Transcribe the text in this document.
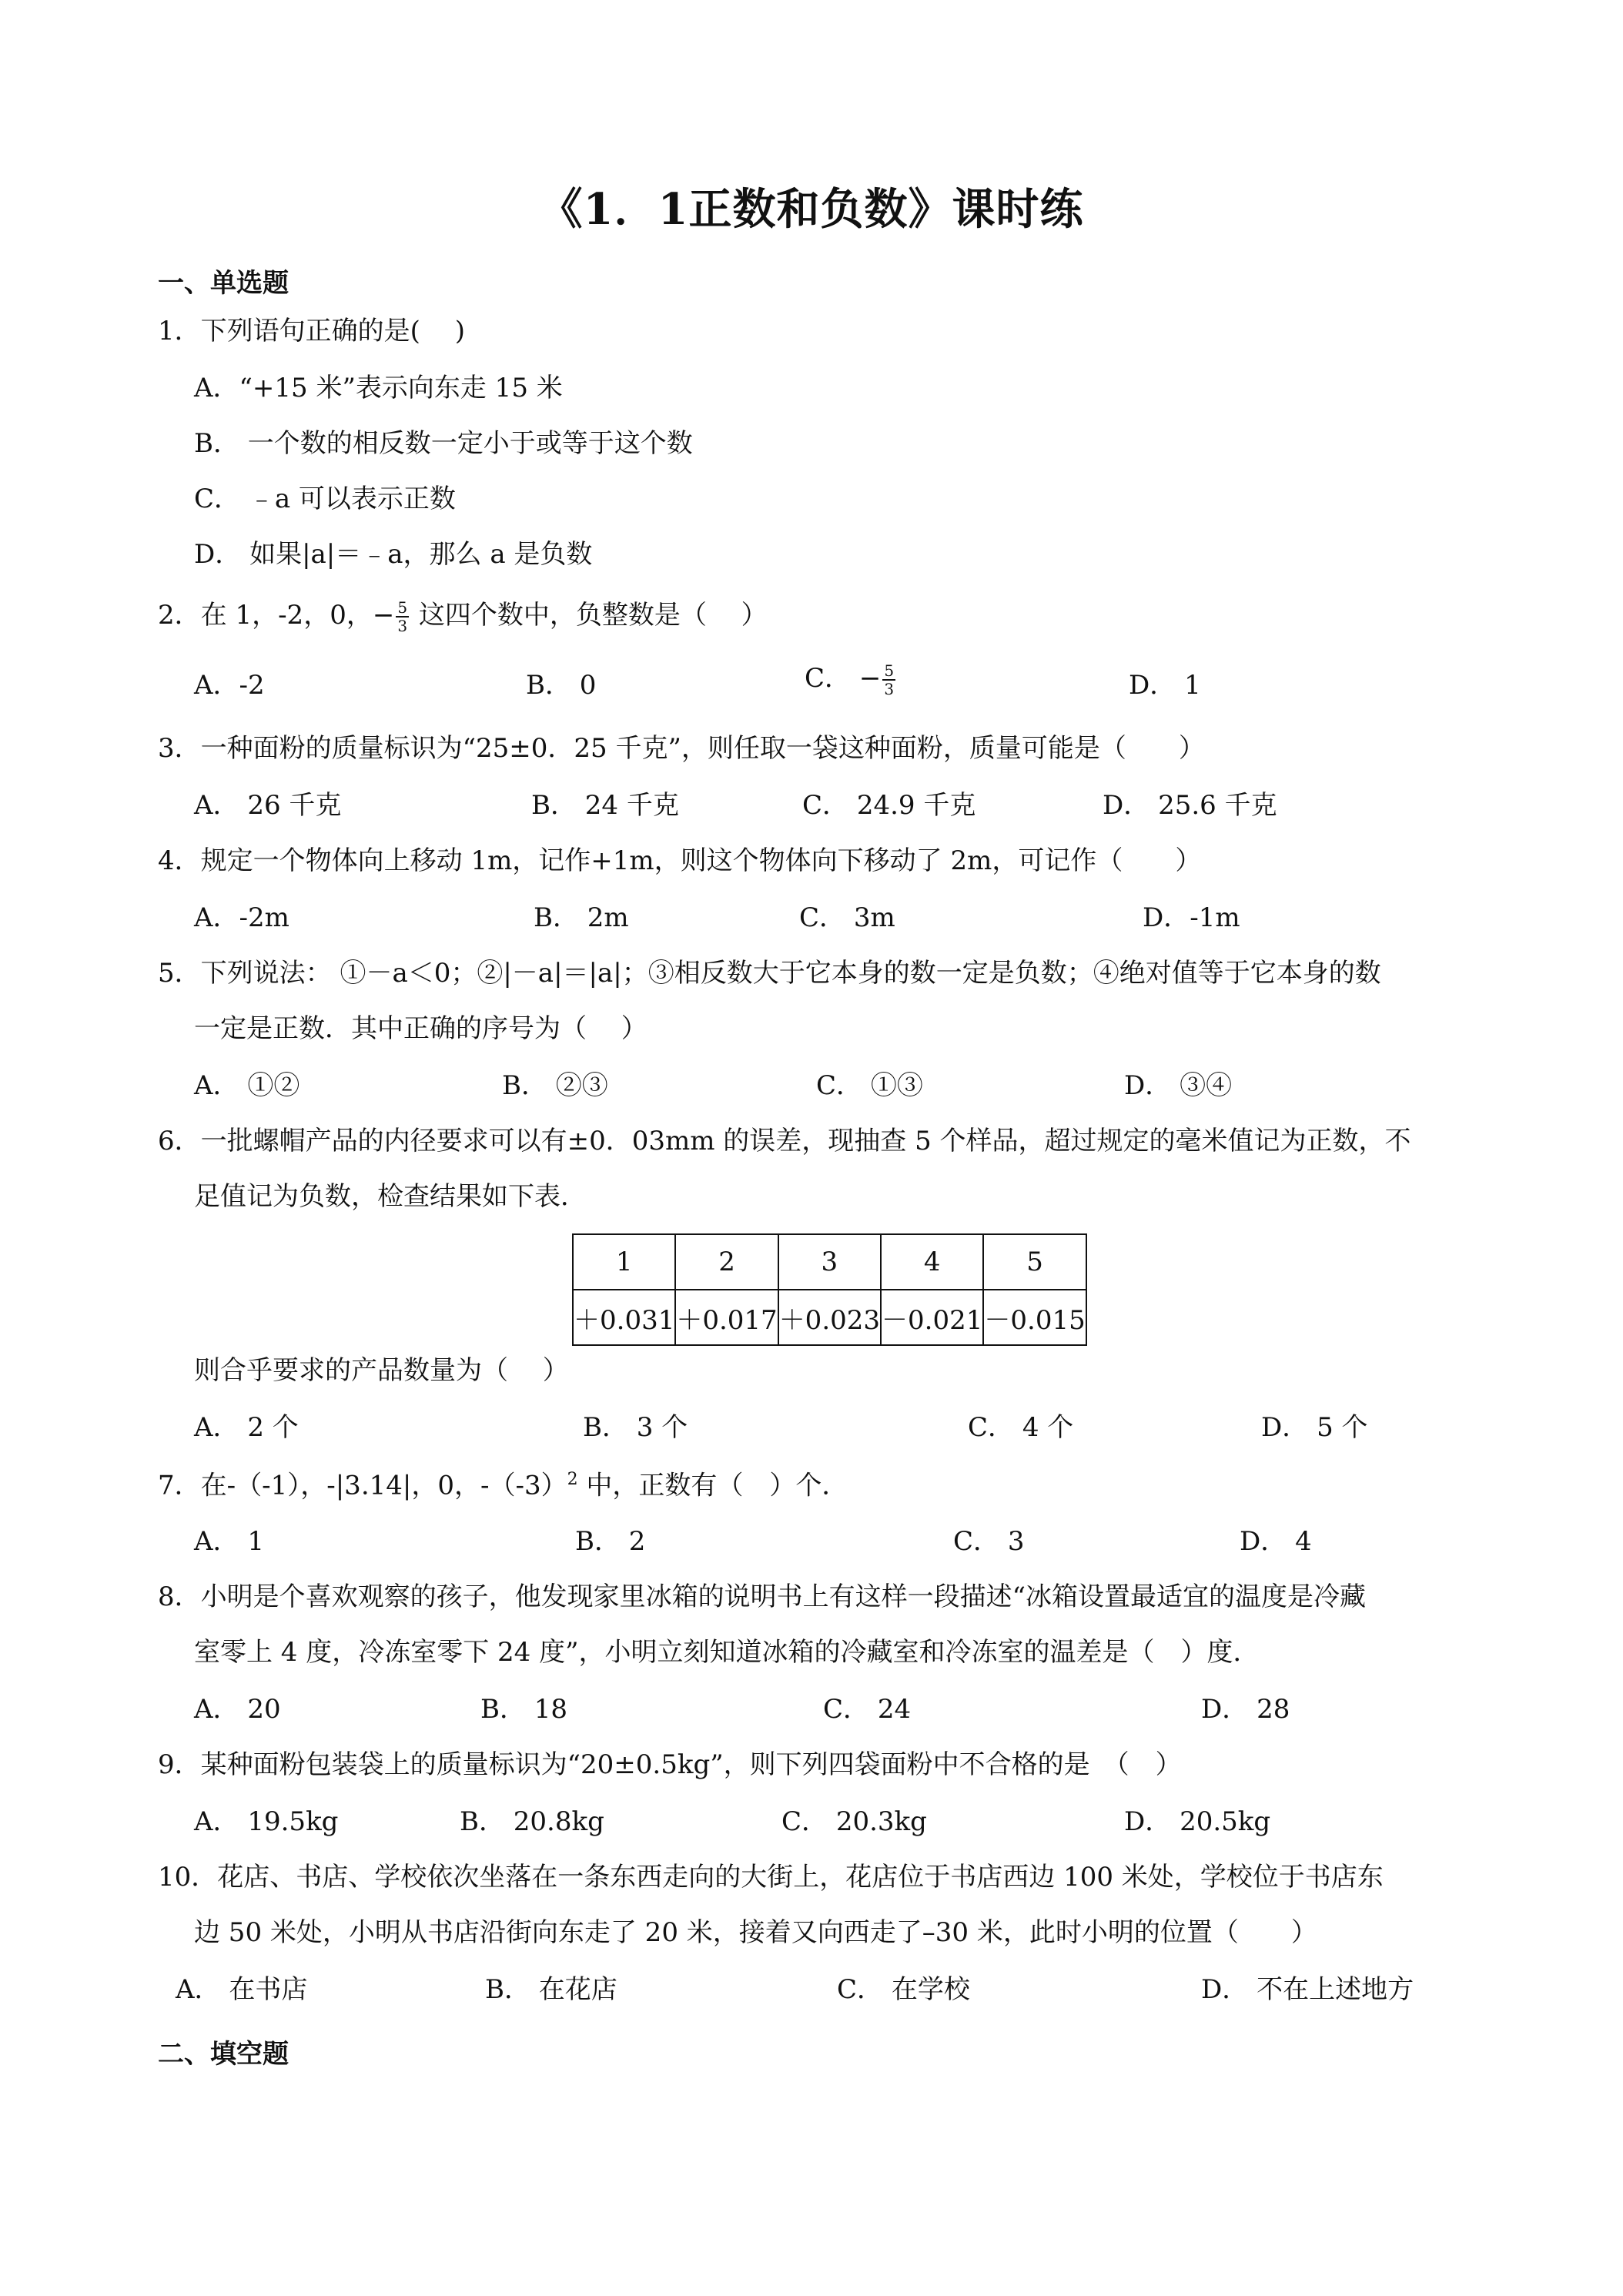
《1．1正数和负数》课时练
一、单选题
1．下列语句正确的是(　 )
A．“+15 米”表示向东走 15 米
B． 一个数的相反数一定小于或等于这个数
C． ﹣a 可以表示正数
D． 如果|a|＝﹣a，那么 a 是负数
2．在 1，-2，0，− $\frac{5}{3}$ 这四个数中，负整数是（　 ）
A．-2	B． 0	C． − $\frac{5}{3}$	D． 1
3．一种面粉的质量标识为“25±0．25 千克”，则任取一袋这种面粉，质量可能是（　　）
A． 26 千克	B． 24 千克	C． 24.9 千克	D． 25.6 千克
4．规定一个物体向上移动 1m，记作+1m，则这个物体向下移动了 2m，可记作（　　）
A．-2m	B． 2m	C． 3m	D．-1m
5．下列说法： ①－a＜0；②|－a|＝|a|；③相反数大于它本身的数一定是负数；④绝对值等于它本身的数
一定是正数．其中正确的序号为（　 ）
A． ①②	B． ②③	C． ①③	D． ③④
6．一批螺帽产品的内径要求可以有±0．03mm 的误差，现抽查 5 个样品，超过规定的毫米值记为正数，不
足值记为负数，检查结果如下表．
1	2	3	4	5
＋0.031	＋0.017	＋0.023	－0.021	－0.015
则合乎要求的产品数量为（　 ）
A． 2 个	B． 3 个	C． 4 个	D． 5 个
7．在-（-1），-|3.14|，0，$-(-3)^2$ 中，正数有（　）个．
A． 1	B． 2	C． 3	D． 4
8．小明是个喜欢观察的孩子，他发现家里冰箱的说明书上有这样一段描述“冰箱设置最适宜的温度是冷藏
室零上 4 度，冷冻室零下 24 度”，小明立刻知道冰箱的冷藏室和冷冻室的温差是（　）度．
A． 20	B． 18	C． 24	D． 28
9．某种面粉包装袋上的质量标识为“20±0.5kg”，则下列四袋面粉中不合格的是　（　）
A． 19.5kg	B． 20.8kg	C． 20.3kg	D． 20.5kg
10．花店、书店、学校依次坐落在一条东西走向的大街上，花店位于书店西边 100 米处，学校位于书店东
边 50 米处，小明从书店沿街向东走了 20 米，接着又向西走了–30 米，此时小明的位置（　　）
A． 在书店	B． 在花店	C． 在学校	D． 不在上述地方
二、填空题
